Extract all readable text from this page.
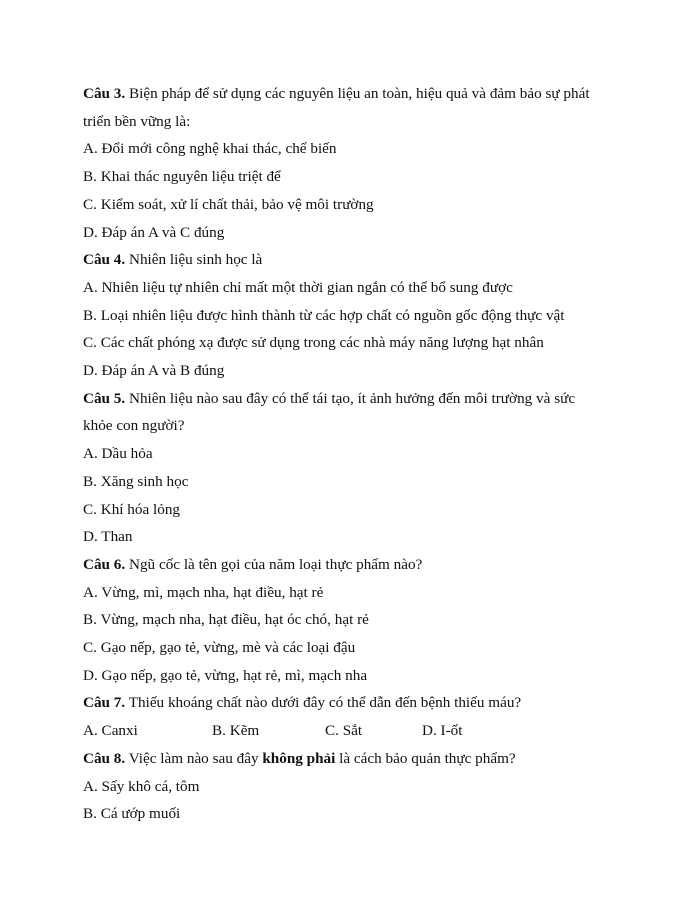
Câu 3. Biện pháp để sử dụng các nguyên liệu an toàn, hiệu quả và đảm bảo sự phát
triển bền vững là:
A. Đổi mới công nghệ khai thác, chế biến
B. Khai thác nguyên liệu triệt để
C. Kiểm soát, xử lí chất thải, bảo vệ môi trường
D. Đáp án A và C đúng
Câu 4. Nhiên liệu sinh học là
A. Nhiên liệu tự nhiên chỉ mất một thời gian ngắn có thể bổ sung được
B. Loại nhiên liệu được hình thành từ các hợp chất có nguồn gốc động thực vật
C. Các chất phóng xạ được sử dụng trong các nhà máy năng lượng hạt nhân
D. Đáp án A và B đúng
Câu 5. Nhiên liệu nào sau đây có thể tái tạo, ít ảnh hưởng đến môi trường và sức
khỏe con người?
A. Dầu hỏa
B. Xăng sinh học
C. Khí hóa lỏng
D. Than
Câu 6. Ngũ cốc là tên gọi của năm loại thực phẩm nào?
A. Vừng, mì, mạch nha, hạt điều, hạt rẻ
B. Vừng, mạch nha, hạt điều, hạt óc chó, hạt rẻ
C. Gạo nếp, gạo tẻ, vừng, mè và các loại đậu
D. Gạo nếp, gạo tẻ, vừng, hạt rẻ, mì, mạch nha
Câu 7. Thiếu khoáng chất nào dưới đây có thể dẫn đến bệnh thiếu máu?
A. Canxi	B. Kẽm	C. Sắt	D. I-ốt
Câu 8. Việc làm nào sau đây không phải là cách bảo quản thực phẩm?
A. Sấy khô cá, tôm
B. Cá ướp muối
